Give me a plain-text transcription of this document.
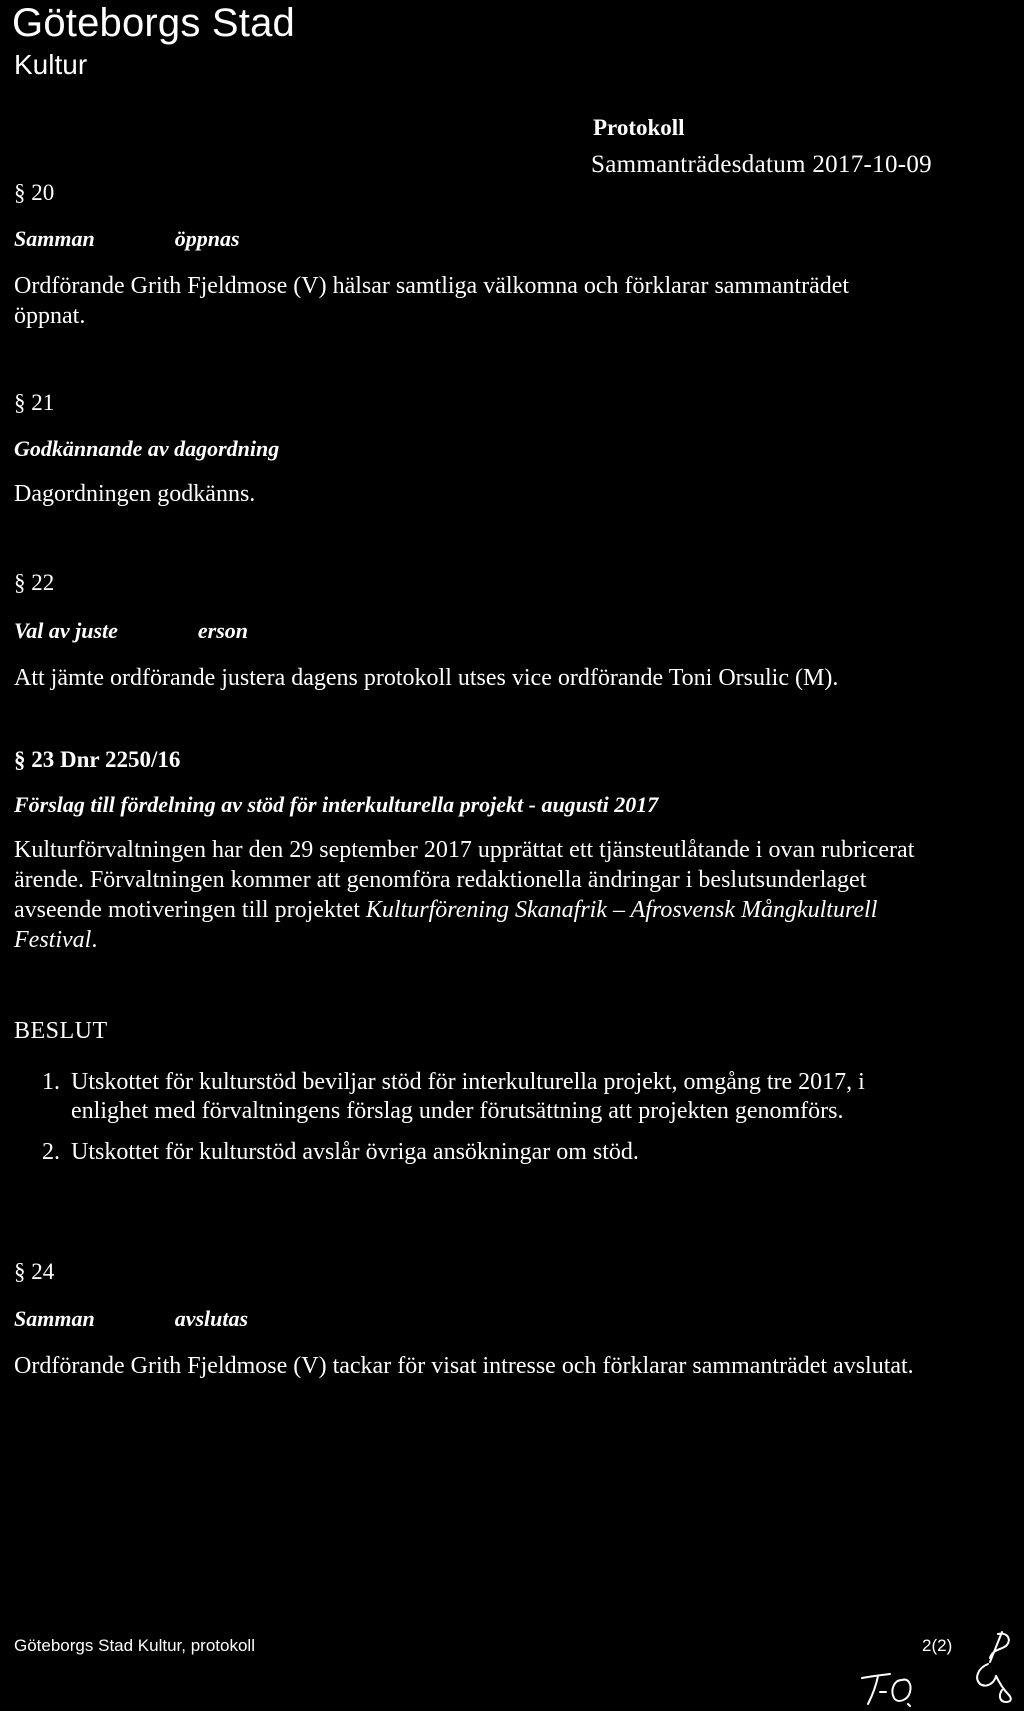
Göteborgs Stad
Kultur
Protokoll
Sammanträdesdatum 2017-10-09
§ 20
Samman	öppnas
Ordförande Grith Fjeldmose (V) hälsar samtliga välkomna och förklarar sammanträdet öppnat.
§ 21
Godkännande av dagordning
Dagordningen godkänns.
§ 22
Val av juste	erson
Att jämte ordförande justera dagens protokoll utses vice ordförande Toni Orsulic (M).
§ 23 Dnr 2250/16
Förslag till fördelning av stöd för interkulturella projekt - augusti 2017
Kulturförvaltningen har den 29 september 2017 upprättat ett tjänsteutlåtande i ovan rubricerat ärende. Förvaltningen kommer att genomföra redaktionella ändringar i beslutsunderlaget avseende motiveringen till projektet Kulturförening Skanafrik – Afrosvensk Mångkulturell Festival.
BESLUT
1. Utskottet för kulturstöd beviljar stöd för interkulturella projekt, omgång tre 2017, i enlighet med förvaltningens förslag under förutsättning att projekten genomförs.
2. Utskottet för kulturstöd avslår övriga ansökningar om stöd.
§ 24
Samman	avslutas
Ordförande Grith Fjeldmose (V) tackar för visat intresse och förklarar sammanträdet avslutat.
Göteborgs Stad Kultur, protokoll	2(2)
